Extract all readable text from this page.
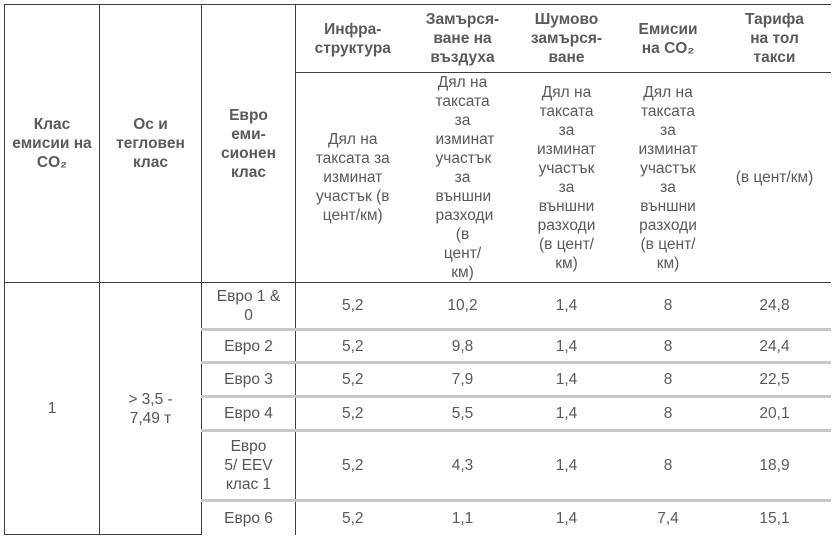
Клас емисии на CO₂	Ос и тегловен клас	Евро еми-сионен клас	Инфра-структура	Замърся-ване на въздуха	Шумово замърся-ване	Емисии на CO₂	Тарифа на тол такси
			Дял на таксата за изминат участък (в цент/км)	Дял на таксата за изминат участък за външни разходи (в цент/км)	Дял на таксата за изминат участък за външни разходи (в цент/км)	Дял на таксата за изминат участък за външни разходи (в цент/км)	(в цент/км)
1	> 3,5 - 7,49 т	Евро 1 & 0	5,2	10,2	1,4	8	24,8
		Евро 2	5,2	9,8	1,4	8	24,4
		Евро 3	5,2	7,9	1,4	8	22,5
		Евро 4	5,2	5,5	1,4	8	20,1
		Евро 5/ EEV клас 1	5,2	4,3	1,4	8	18,9
		Евро 6	5,2	1,1	1,4	7,4	15,1
